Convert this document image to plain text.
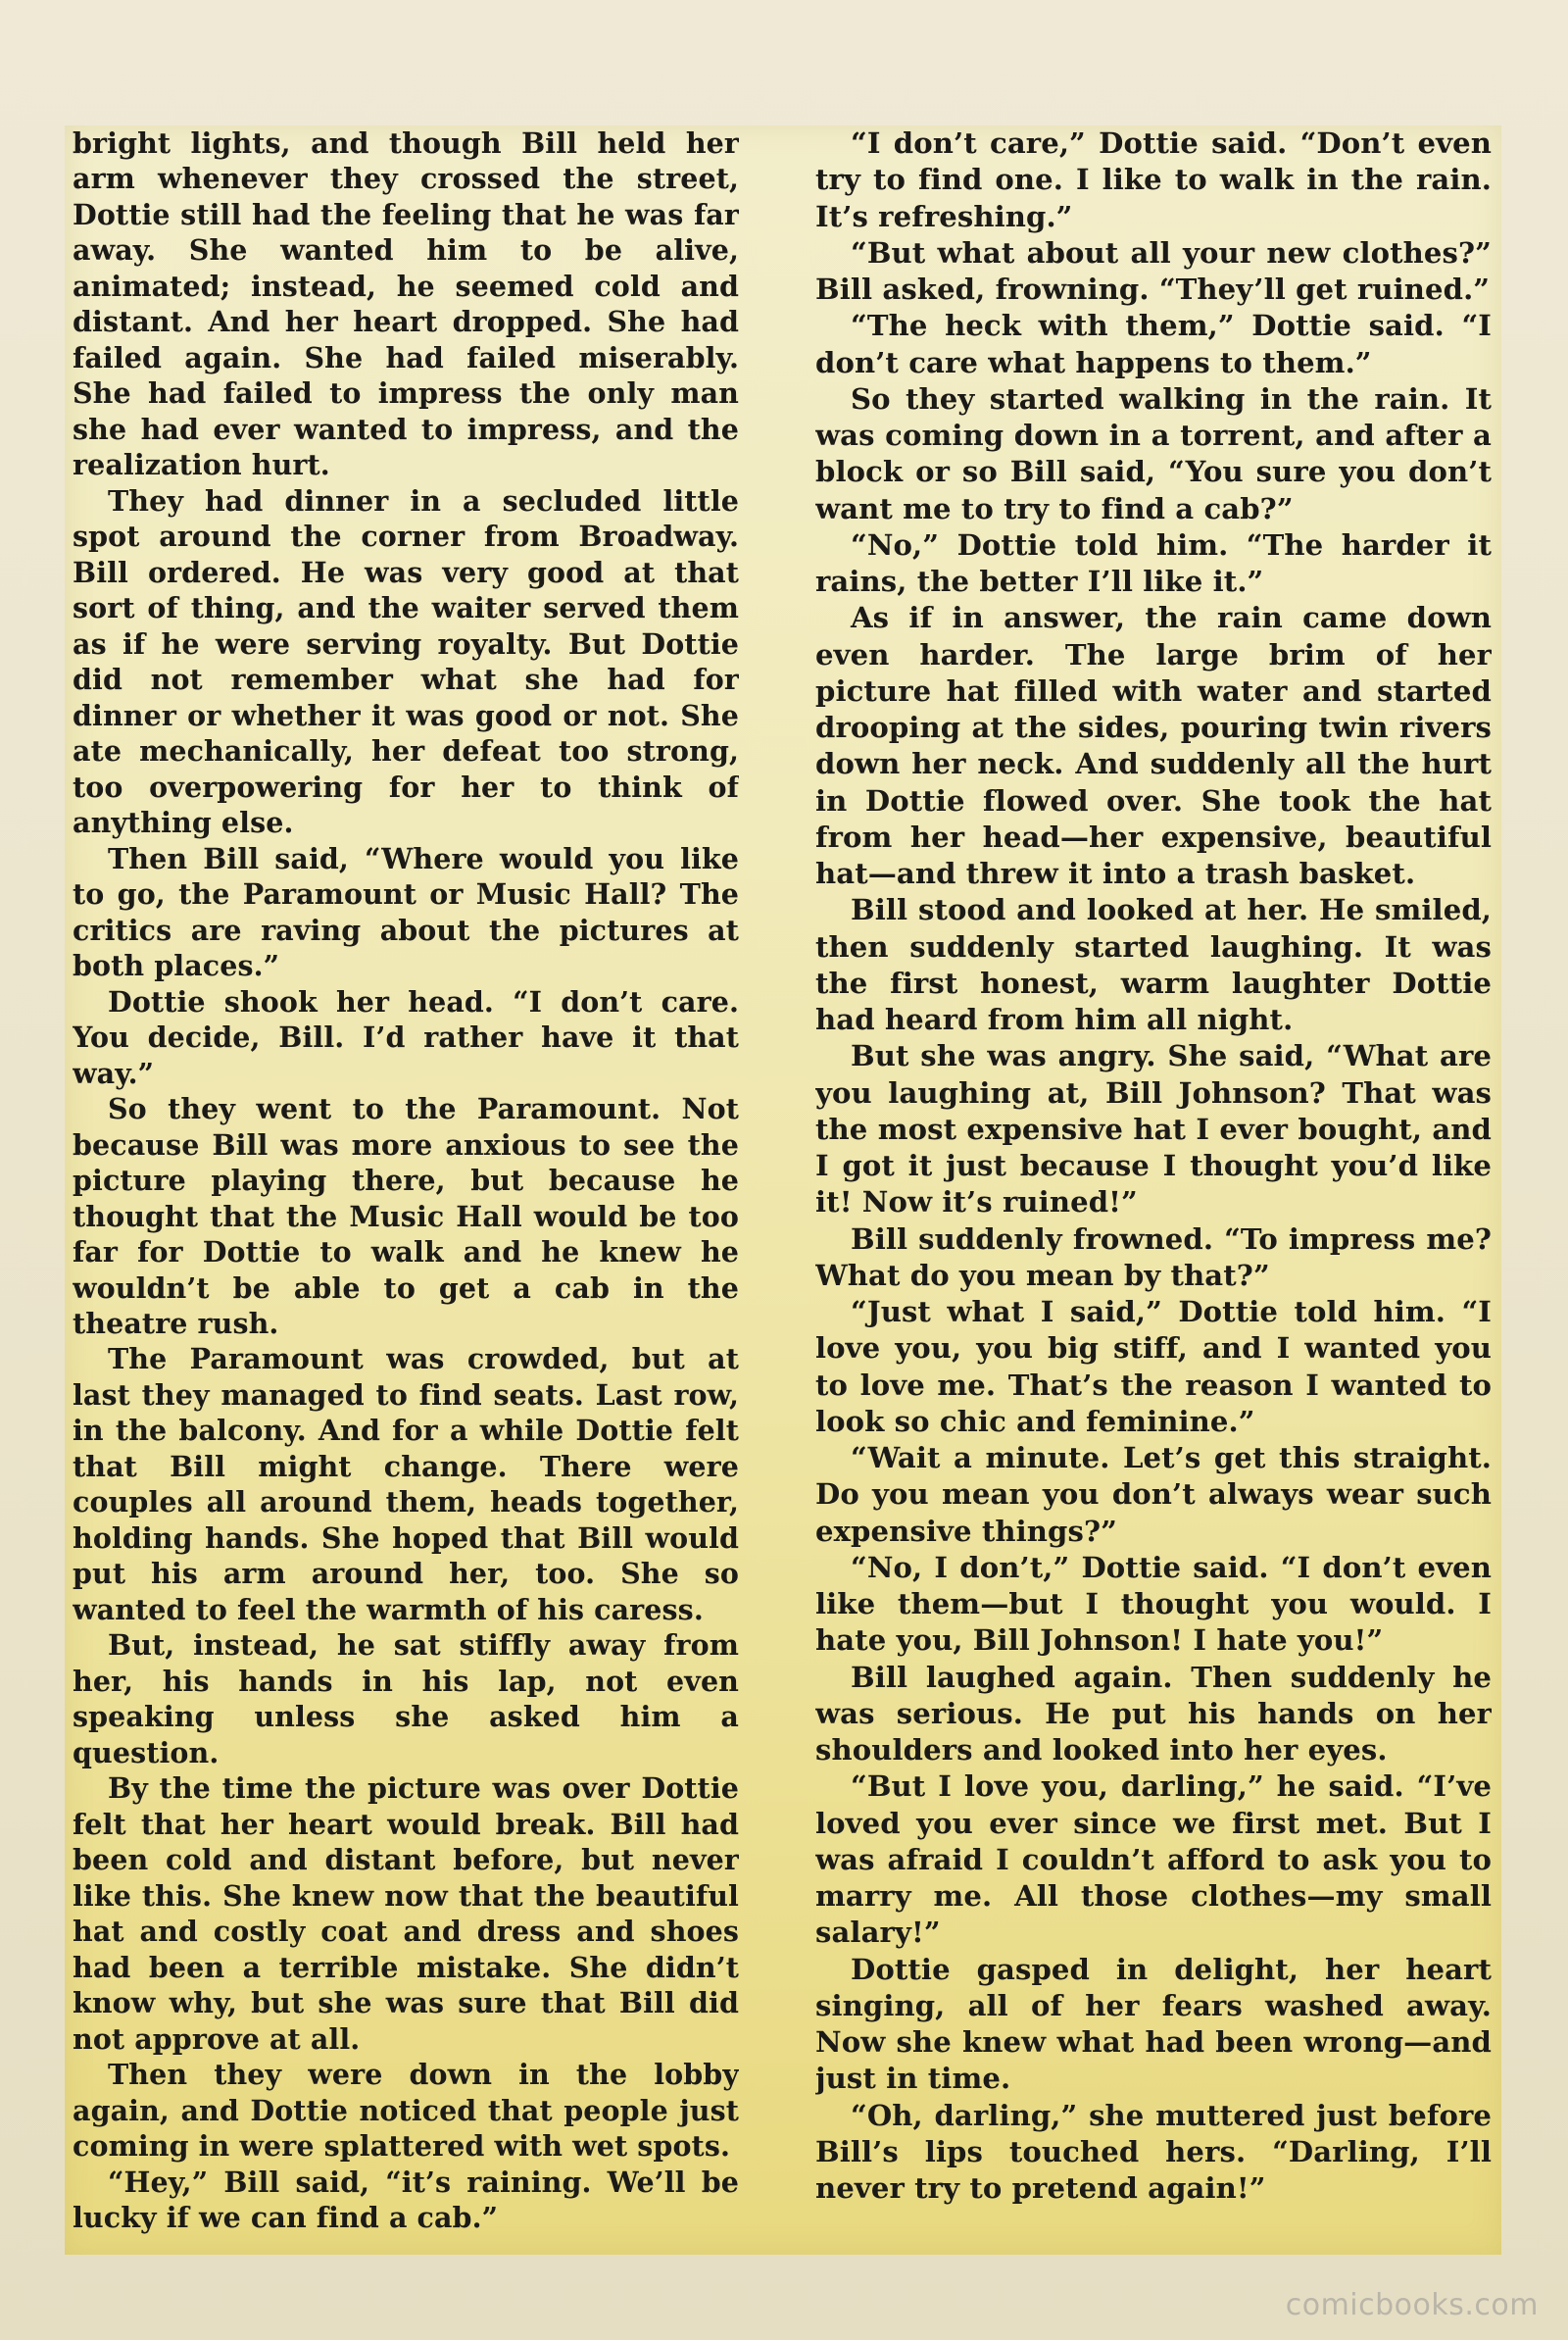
bright lights, and though Bill held her arm whenever they crossed the street, Dottie still had the feeling that he was far away. She wanted him to be alive, animated; instead, he seemed cold and distant. And her heart dropped. She had failed again. She had failed miserably. She had failed to impress the only man she had ever wanted to impress, and the realization hurt.

They had dinner in a secluded little spot around the corner from Broadway. Bill ordered. He was very good at that sort of thing, and the waiter served them as if he were serving royalty. But Dottie did not remember what she had for dinner or whether it was good or not. She ate mechanically, her defeat too strong, too overpowering for her to think of anything else.

Then Bill said, “Where would you like to go, the Paramount or Music Hall? The critics are raving about the pictures at both places.”

Dottie shook her head. “I don’t care. You decide, Bill. I’d rather have it that way.”

So they went to the Paramount. Not because Bill was more anxious to see the picture playing there, but because he thought that the Music Hall would be too far for Dottie to walk and he knew he wouldn’t be able to get a cab in the theatre rush.

The Paramount was crowded, but at last they managed to find seats. Last row, in the balcony. And for a while Dottie felt that Bill might change. There were couples all around them, heads together, holding hands. She hoped that Bill would put his arm around her, too. She so wanted to feel the warmth of his caress.

But, instead, he sat stiffly away from her, his hands in his lap, not even speaking unless she asked him a question.

By the time the picture was over Dottie felt that her heart would break. Bill had been cold and distant before, but never like this. She knew now that the beautiful hat and costly coat and dress and shoes had been a terrible mistake. She didn’t know why, but she was sure that Bill did not approve at all.

Then they were down in the lobby again, and Dottie noticed that people just coming in were splattered with wet spots.

“Hey,” Bill said, “it’s raining. We’ll be lucky if we can find a cab.”

“I don’t care,” Dottie said. “Don’t even try to find one. I like to walk in the rain. It’s refreshing.”

“But what about all your new clothes?” Bill asked, frowning. “They’ll get ruined.”

“The heck with them,” Dottie said. “I don’t care what happens to them.”

So they started walking in the rain. It was coming down in a torrent, and after a block or so Bill said, “You sure you don’t want me to try to find a cab?”

“No,” Dottie told him. “The harder it rains, the better I’ll like it.”

As if in answer, the rain came down even harder. The large brim of her picture hat filled with water and started drooping at the sides, pouring twin rivers down her neck. And suddenly all the hurt in Dottie flowed over. She took the hat from her head—her expensive, beautiful hat—and threw it into a trash basket.

Bill stood and looked at her. He smiled, then suddenly started laughing. It was the first honest, warm laughter Dottie had heard from him all night.

But she was angry. She said, “What are you laughing at, Bill Johnson? That was the most expensive hat I ever bought, and I got it just because I thought you’d like it! Now it’s ruined!”

Bill suddenly frowned. “To impress me? What do you mean by that?”

“Just what I said,” Dottie told him. “I love you, you big stiff, and I wanted you to love me. That’s the reason I wanted to look so chic and feminine.”

“Wait a minute. Let’s get this straight. Do you mean you don’t always wear such expensive things?”

“No, I don’t,” Dottie said. “I don’t even like them—but I thought you would. I hate you, Bill Johnson! I hate you!”

Bill laughed again. Then suddenly he was serious. He put his hands on her shoulders and looked into her eyes.

“But I love you, darling,” he said. “I’ve loved you ever since we first met. But I was afraid I couldn’t afford to ask you to marry me. All those clothes—my small salary!”

Dottie gasped in delight, her heart singing, all of her fears washed away. Now she knew what had been wrong—and just in time.

“Oh, darling,” she muttered just before Bill’s lips touched hers. “Darling, I’ll never try to pretend again!”

comicbooks.com
